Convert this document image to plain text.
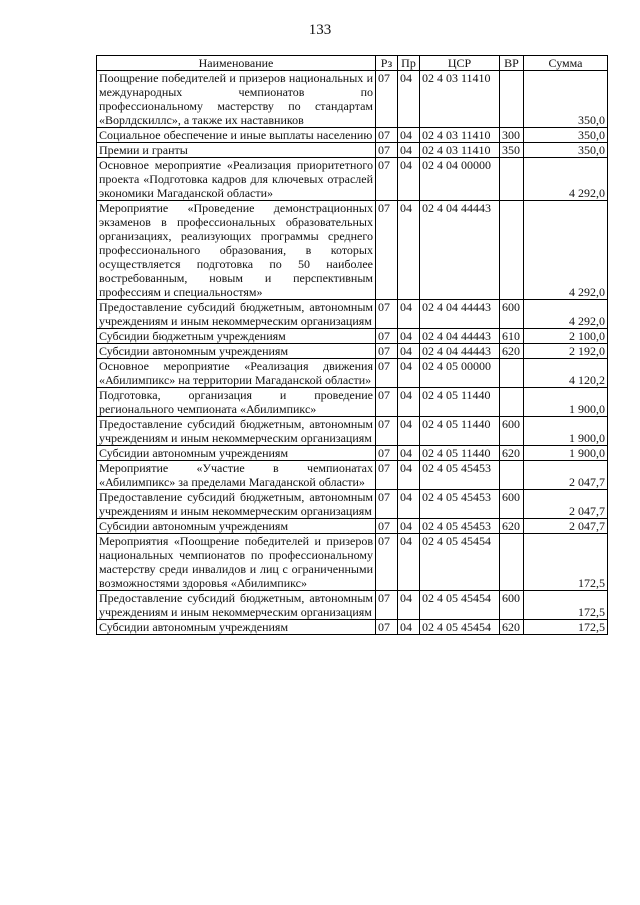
133
Наименование	Рз	Пр	ЦСР	ВР	Сумма
Поощрение победителей и призеров национальных и международных чемпионатов по профессиональному мастерству по стандартам «Ворлдскиллс», а также их наставников	07	04	02 4 03 11410		350,0
Социальное обеспечение и иные выплаты населению	07	04	02 4 03 11410	300	350,0
Премии и гранты	07	04	02 4 03 11410	350	350,0
Основное мероприятие «Реализация приоритетного проекта «Подготовка кадров для ключевых отраслей экономики Магаданской области»	07	04	02 4 04 00000		4 292,0
Мероприятие «Проведение демонстрационных экзаменов в профессиональных образовательных организациях, реализующих программы среднего профессионального образования, в которых осуществляется подготовка по 50 наиболее востребованным, новым и перспективным профессиям и специальностям»	07	04	02 4 04 44443		4 292,0
Предоставление субсидий бюджетным, автономным учреждениям и иным некоммерческим организациям	07	04	02 4 04 44443	600	4 292,0
Субсидии бюджетным учреждениям	07	04	02 4 04 44443	610	2 100,0
Субсидии автономным учреждениям	07	04	02 4 04 44443	620	2 192,0
Основное мероприятие «Реализация движения «Абилимпикс» на территории Магаданской области»	07	04	02 4 05 00000		4 120,2
Подготовка, организация и проведение регионального чемпионата «Абилимпикс»	07	04	02 4 05 11440		1 900,0
Предоставление субсидий бюджетным, автономным учреждениям и иным некоммерческим организациям	07	04	02 4 05 11440	600	1 900,0
Субсидии автономным учреждениям	07	04	02 4 05 11440	620	1 900,0
Мероприятие «Участие в чемпионатах «Абилимпикс» за пределами Магаданской области»	07	04	02 4 05 45453		2 047,7
Предоставление субсидий бюджетным, автономным учреждениям и иным некоммерческим организациям	07	04	02 4 05 45453	600	2 047,7
Субсидии автономным учреждениям	07	04	02 4 05 45453	620	2 047,7
Мероприятия «Поощрение победителей и призеров национальных чемпионатов по профессиональному мастерству среди инвалидов и лиц с ограниченными возможностями здоровья «Абилимпикс»	07	04	02 4 05 45454		172,5
Предоставление субсидий бюджетным, автономным учреждениям и иным некоммерческим организациям	07	04	02 4 05 45454	600	172,5
Субсидии автономным учреждениям	07	04	02 4 05 45454	620	172,5
